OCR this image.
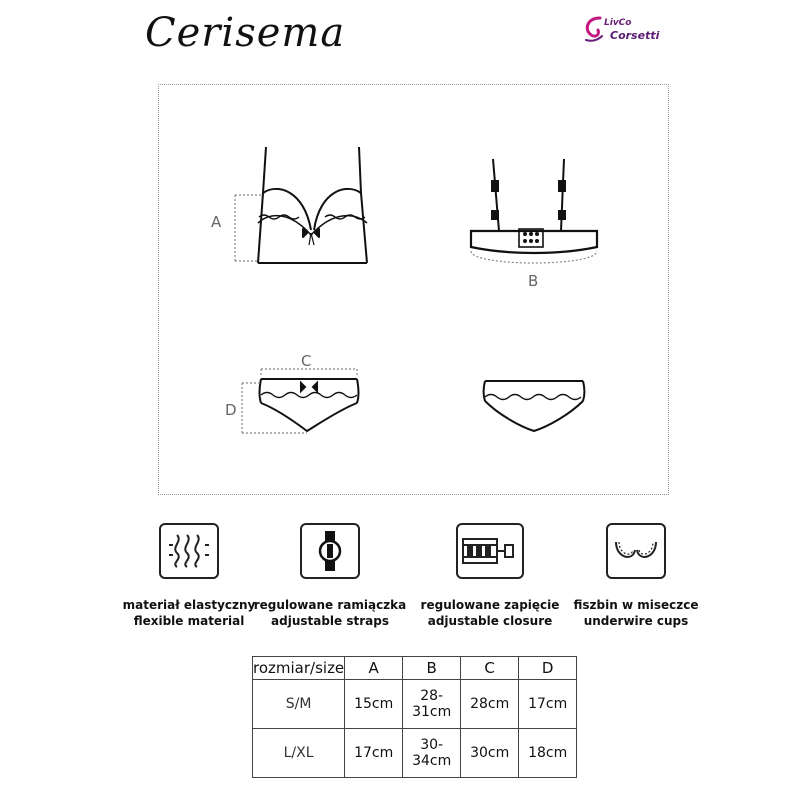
Cerisema	LivCo
Corsetti
A
B
C
D
materiał elastyczny
flexible material
regulowane ramiączka
adjustable straps
regulowane zapięcie
adjustable closure
fiszbin w miseczce
underwire cups
rozmiar/size	A	B	C	D
S/M	15cm	28-31cm	28cm	17cm
L/XL	17cm	30-34cm	30cm	18cm
